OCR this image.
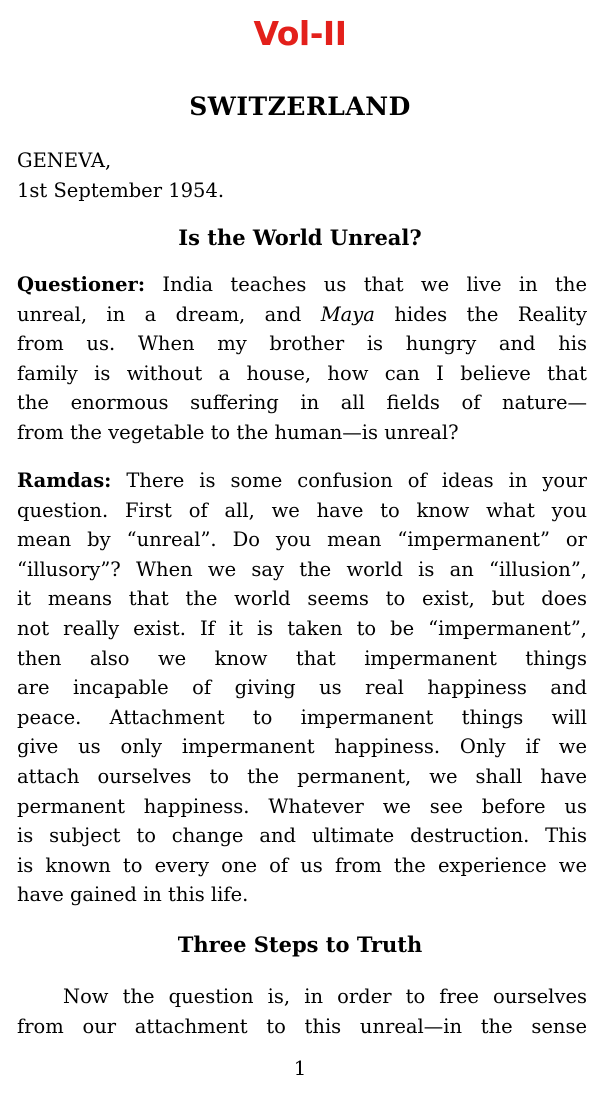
Vol-II
SWITZERLAND
GENEVA,
1st September 1954.
Is the World Unreal?
Questioner: India teaches us that we live in the
unreal, in a dream, and Maya hides the Reality
from us. When my brother is hungry and his
family is without a house, how can I believe that
the enormous suffering in all fields of nature—
from the vegetable to the human—is unreal?
Ramdas: There is some confusion of ideas in your
question. First of all, we have to know what you
mean by “unreal”. Do you mean “impermanent” or
“illusory”? When we say the world is an “illusion”,
it means that the world seems to exist, but does
not really exist. If it is taken to be “impermanent”,
then also we know that impermanent things
are incapable of giving us real happiness and
peace. Attachment to impermanent things will
give us only impermanent happiness. Only if we
attach ourselves to the permanent, we shall have
permanent happiness. Whatever we see before us
is subject to change and ultimate destruction. This
is known to every one of us from the experience we
have gained in this life.
Three Steps to Truth
Now the question is, in order to free ourselves
from our attachment to this unreal—in the sense
1
